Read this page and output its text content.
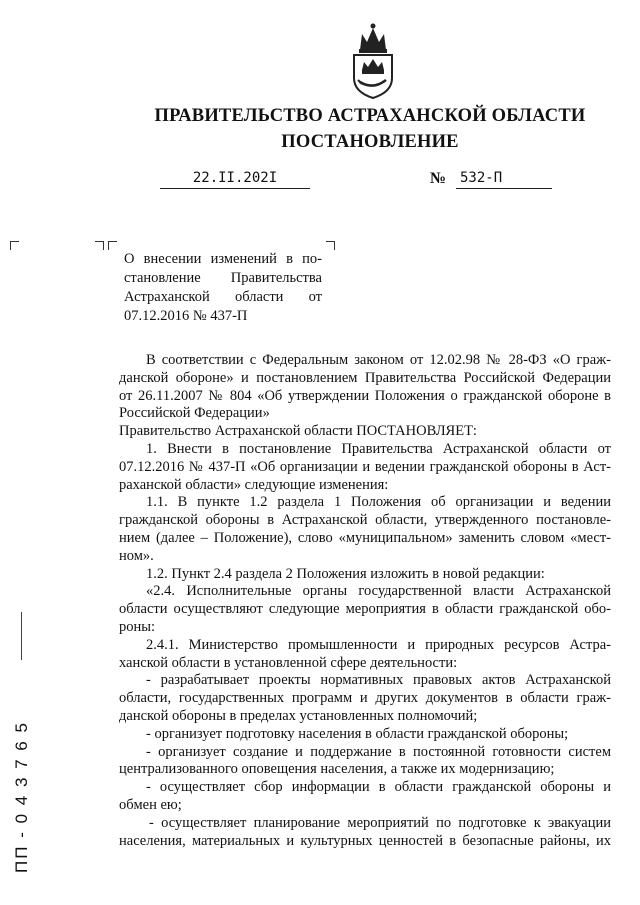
ПРАВИТЕЛЬСТВО АСТРАХАНСКОЙ ОБЛАСТИ
ПОСТАНОВЛЕНИЕ
22.II.202I	№ 532-П
О внесении изменений в по-
становление Правительства
Астраханской области от
07.12.2016 № 437-П
В соответствии с Федеральным законом от 12.02.98 № 28-ФЗ «О граж-
данской обороне» и постановлением Правительства Российской Федерации
от 26.11.2007 № 804 «Об утверждении Положения о гражданской обороне в
Российской Федерации»
Правительство Астраханской области ПОСТАНОВЛЯЕТ:
1. Внести в постановление Правительства Астраханской области от
07.12.2016 № 437-П «Об организации и ведении гражданской обороны в Аст-
раханской области» следующие изменения:
1.1. В пункте 1.2 раздела 1 Положения об организации и ведении
гражданской обороны в Астраханской области, утвержденного постановле-
нием (далее – Положение), слово «муниципальном» заменить словом «мест-
ном».
1.2. Пункт 2.4 раздела 2 Положения изложить в новой редакции:
«2.4. Исполнительные органы государственной власти Астраханской
области осуществляют следующие мероприятия в области гражданской обо-
роны:
2.4.1. Министерство промышленности и природных ресурсов Астра-
ханской области в установленной сфере деятельности:
- разрабатывает проекты нормативных правовых актов Астраханской
области, государственных программ и других документов в области граж-
данской обороны в пределах установленных полномочий;
- организует подготовку населения в области гражданской обороны;
- организует создание и поддержание в постоянной готовности систем
централизованного оповещения населения, а также их модернизацию;
- осуществляет сбор информации в области гражданской обороны и
обмен ею;
- осуществляет планирование мероприятий по подготовке к эвакуации
населения, материальных и культурных ценностей в безопасные районы, их
ПП - 0 4 3 7 6 5
